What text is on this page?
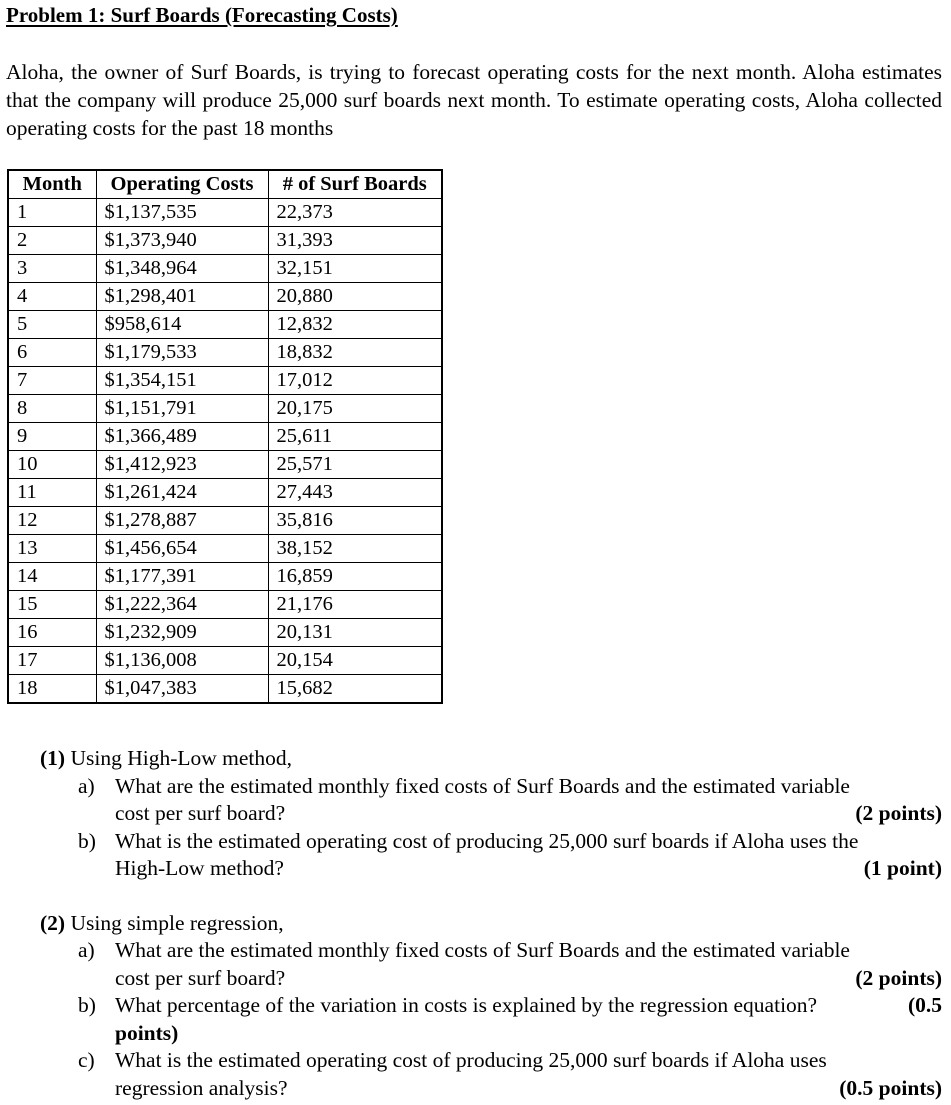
Problem 1: Surf Boards (Forecasting Costs)

Aloha, the owner of Surf Boards, is trying to forecast operating costs for the next month. Aloha estimates that the company will produce 25,000 surf boards next month. To estimate operating costs, Aloha collected operating costs for the past 18 months

Month	Operating Costs	# of Surf Boards
1	$1,137,535	22,373
2	$1,373,940	31,393
3	$1,348,964	32,151
4	$1,298,401	20,880
5	$958,614	12,832
6	$1,179,533	18,832
7	$1,354,151	17,012
8	$1,151,791	20,175
9	$1,366,489	25,611
10	$1,412,923	25,571
11	$1,261,424	27,443
12	$1,278,887	35,816
13	$1,456,654	38,152
14	$1,177,391	16,859
15	$1,222,364	21,176
16	$1,232,909	20,131
17	$1,136,008	20,154
18	$1,047,383	15,682

(1) Using High-Low method,

a) What are the estimated monthly fixed costs of Surf Boards and the estimated variable

cost per surf board?	(2 points)
b) What is the estimated operating cost of producing 25,000 surf boards if Aloha uses the

High-Low method?	(1 point)

(2) Using simple regression,

a) What are the estimated monthly fixed costs of Surf Boards and the estimated variable

cost per surf board?	(2 points)
b) What percentage of the variation in costs is explained by the regression equation?	(0.5

points)

c) What is the estimated operating cost of producing 25,000 surf boards if Aloha uses

regression analysis?	(0.5 points)
